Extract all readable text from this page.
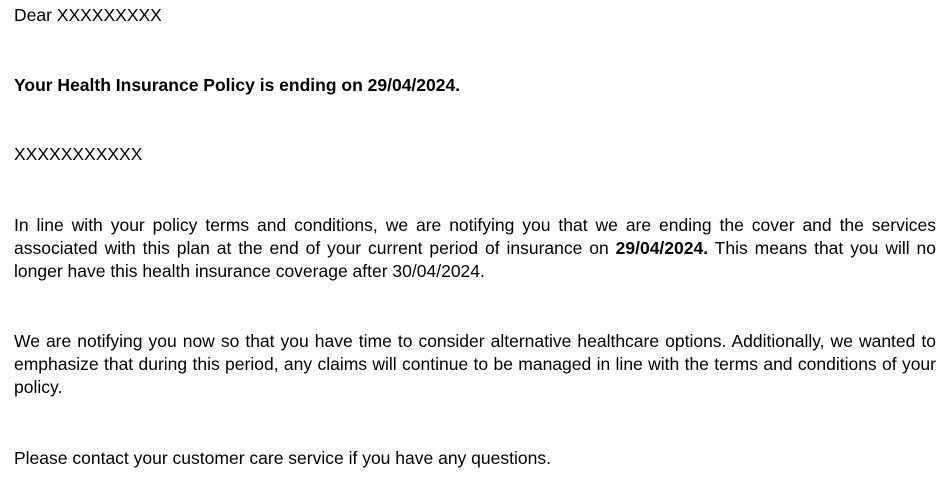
Dear XXXXXXXXX
Your Health Insurance Policy is ending on 29/04/2024.
XXXXXXXXXXX
In line with your policy terms and conditions, we are notifying you that we are ending the cover and the services associated with this plan at the end of your current period of insurance on 29/04/2024. This means that you will no longer have this health insurance coverage after 30/04/2024.
We are notifying you now so that you have time to consider alternative healthcare options. Additionally, we wanted to emphasize that during this period, any claims will continue to be managed in line with the terms and conditions of your policy.
Please contact your customer care service if you have any questions.
